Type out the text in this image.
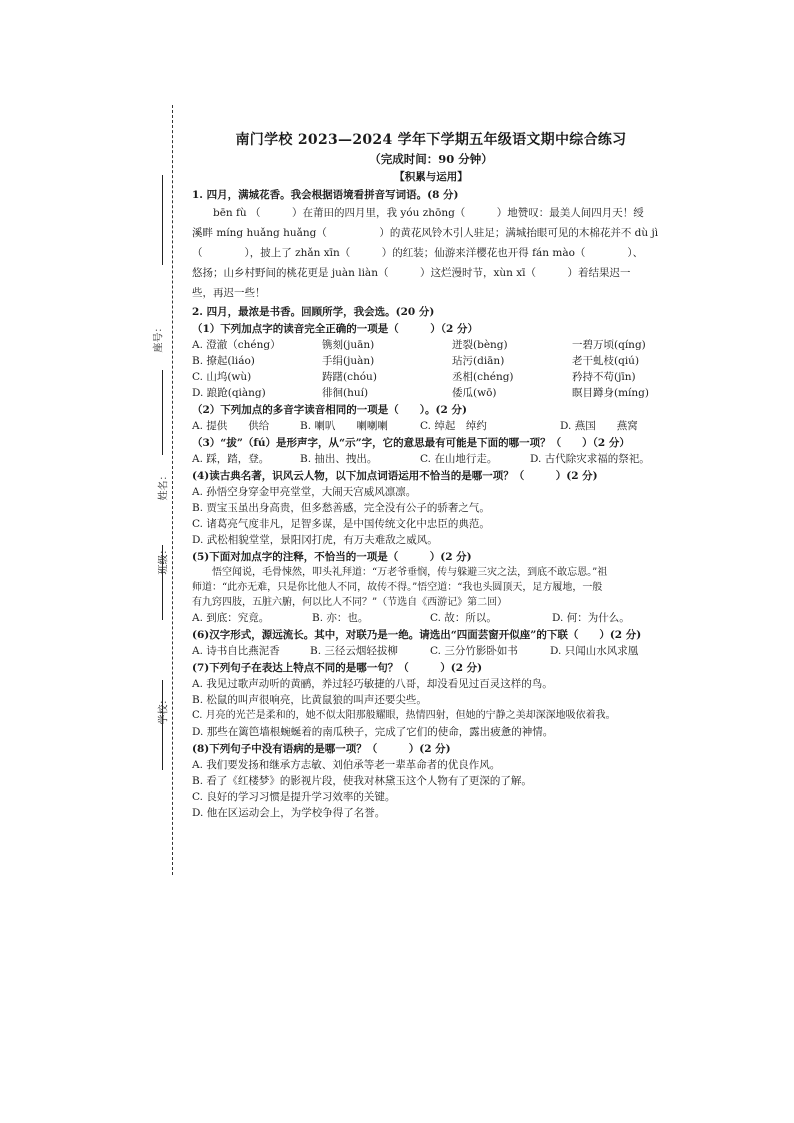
座号：
姓名：
班级：
学校：
南门学校 2023—2024 学年下学期五年级语文期中综合练习
（完成时间：90 分钟）
【积累与运用】
1. 四月，满城花香。我会根据语境看拼音写词语。(8 分)
bēn fù （　　　）在莆田的四月里，我 yóu zhōng（　　　）地赞叹：最美人间四月天！绶
溪畔 míng huǎng huǎng（　　　　　）的黄花风铃木引人驻足；满城抬眼可见的木棉花并不 dù jì
（　　　　），披上了 zhǎn xīn（　　　）的红装；仙游来洋樱花也开得 fán mào（　　　　）、
悠扬；山乡村野间的桃花更是 juàn liàn（　　　）这烂漫时节，xùn xī（　　　）着结果迟一
些，再迟一些！
2. 四月，最浓是书香。回顾所学，我会选。(20 分)
（1）下列加点字的读音完全正确的一项是（　　　）（2 分）
A. 澄澈（chéng）	镌刻(juān)	迸裂(bèng)	一碧万顷(qíng)
B. 撩起(liáo)	手绢(juàn)	玷污(diān)	老干虬枝(qiú)
C. 山坞(wù)	踌躇(chóu)	丞相(chéng)	矜持不苟(jīn)
D. 踉跄(qiàng)	徘徊(huí)	倭瓜(wō)	瞑目蹲身(míng)
（2）下列加点的多音字读音相同的一项是（　　）。(2 分)
A. 提供　　供给	B. 喇叭　　喇喇喇	C. 绰起　绰约	D. 燕国　　燕窝
（3）“拔”（fú）是形声字，从“示”字，它的意思最有可能是下面的哪一项？（　　）（2 分）
A. 踩，踏，登。	B. 抽出、拽出。	C. 在山地行走。	D. 古代除灾求福的祭祀。
(4)读古典名著，识风云人物，以下加点词语运用不恰当的是哪一项？（　　　）(2 分)
A. 孙悟空身穿金甲亮堂堂，大闹天宫威风凛凛。
B. 贾宝玉虽出身高贵，但多愁善感，完全没有公子的骄奢之气。
C. 诸葛亮气度非凡，足智多谋，是中国传统文化中忠臣的典范。
D. 武松相貌堂堂，景阳冈打虎，有万夫难敌之威风。
(5)下面对加点字的注释，不恰当的一项是（　　　）(2 分)
悟空闻说，毛骨悚然，叩头礼拜道：“万老爷垂悯，传与躲避三灾之法，到底不敢忘恩。”祖
师道：“此亦无难，只是你比他人不同，故传不得。”悟空道：“我也头圆顶天，足方履地，一般
有九窍四肢，五脏六腑，何以比人不同？”（节选自《西游记》第二回）
A. 到底：究竟。	B. 亦：也。	C. 故：所以。	D. 何：为什么。
(6)汉字形式，源远流长。其中，对联乃是一绝。请选出“四面芸窗开似座”的下联（　　）(2 分)
A. 诗书自比燕泥香	B. 三径云烟轻拔柳	C. 三分竹影卧如书	D. 只闻山水风求凰
(7)下列句子在表达上特点不同的是哪一句？（　　　）(2 分)
A. 我见过歌声动听的黄鹂，养过轻巧敏捷的八哥，却没看见过百灵这样的鸟。
B. 松鼠的叫声很响亮，比黄鼠狼的叫声还要尖些。
C. 月亮的光芒是柔和的，她不似太阳那般耀眼，热情四射，但她的宁静之美却深深地吸依着我。
D. 那些在篱笆墙根蜿蜒着的南瓜秧子，完成了它们的使命，露出疲惫的神情。
(8)下列句子中没有语病的是哪一项？（　　　）(2 分)
A. 我们要发扬和继承方志敏、刘伯承等老一辈革命者的优良作风。
B. 看了《红楼梦》的影视片段，使我对林黛玉这个人物有了更深的了解。
C. 良好的学习习惯是提升学习效率的关键。
D. 他在区运动会上，为学校争得了名誉。
